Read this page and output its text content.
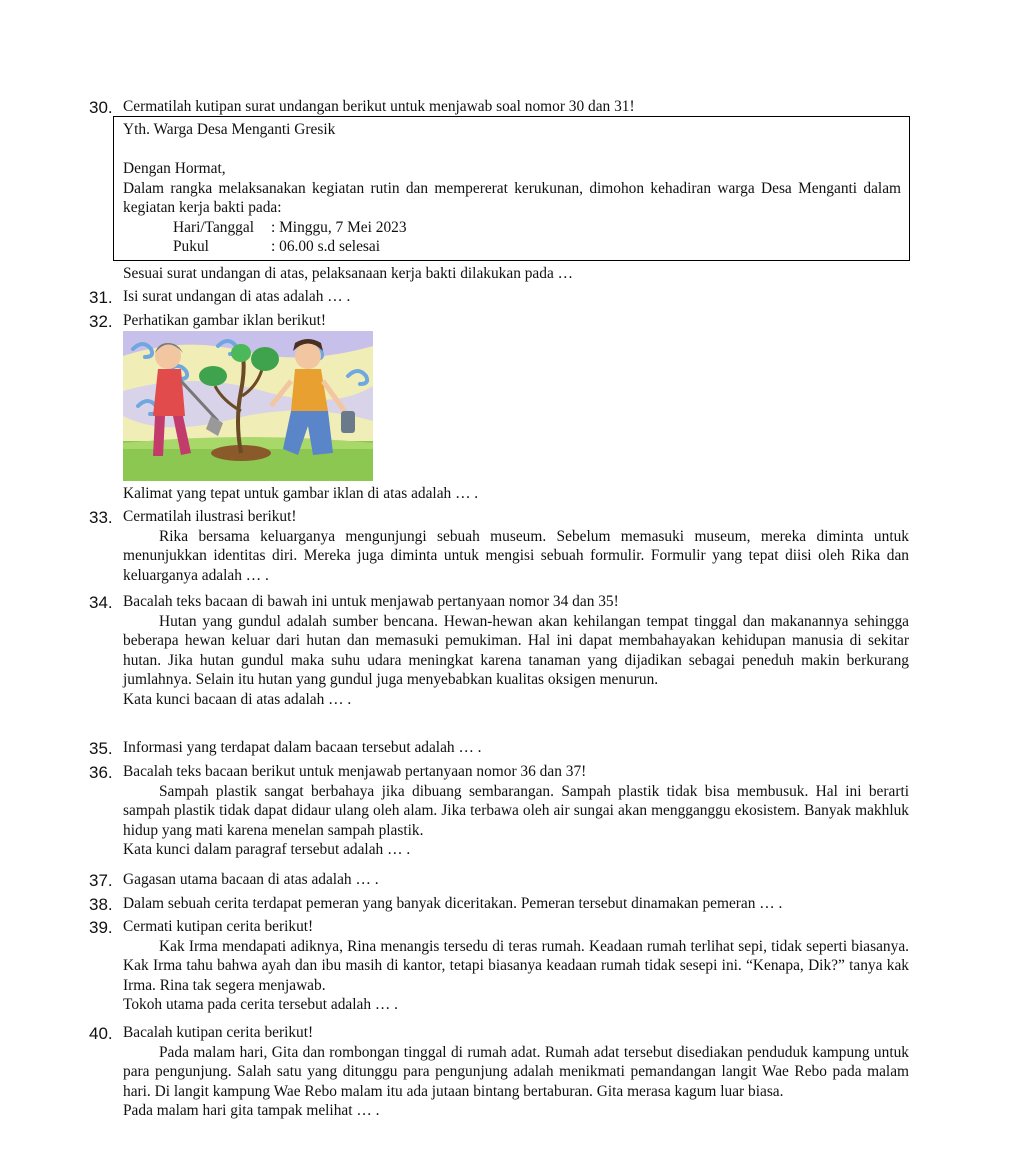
30. Cermatilah kutipan surat undangan berikut untuk menjawab soal nomor 30 dan 31!
Yth. Warga Desa Menganti Gresik
Dengan Hormat,
Dalam rangka melaksanakan kegiatan rutin dan mempererat kerukunan, dimohon kehadiran warga Desa Menganti dalam kegiatan kerja bakti pada:
Hari/Tanggal	: Minggu, 7 Mei 2023
Pukul	: 06.00 s.d selesai
Sesuai surat undangan di atas, pelaksanaan kerja bakti dilakukan pada …
31. Isi surat undangan di atas adalah … .
32. Perhatikan gambar iklan berikut!
Kalimat yang tepat untuk gambar iklan di atas adalah … .
33. Cermatilah ilustrasi berikut!
Rika bersama keluarganya mengunjungi sebuah museum. Sebelum memasuki museum, mereka diminta untuk menunjukkan identitas diri. Mereka juga diminta untuk mengisi sebuah formulir. Formulir yang tepat diisi oleh Rika dan keluarganya adalah … .
34. Bacalah teks bacaan di bawah ini untuk menjawab pertanyaan nomor 34 dan 35!
Hutan yang gundul adalah sumber bencana. Hewan-hewan akan kehilangan tempat tinggal dan makanannya sehingga beberapa hewan keluar dari hutan dan memasuki pemukiman. Hal ini dapat membahayakan kehidupan manusia di sekitar hutan. Jika hutan gundul maka suhu udara meningkat karena tanaman yang dijadikan sebagai peneduh makin berkurang jumlahnya. Selain itu hutan yang gundul juga menyebabkan kualitas oksigen menurun.
Kata kunci bacaan di atas adalah … .
35. Informasi yang terdapat dalam bacaan tersebut adalah … .
36. Bacalah teks bacaan berikut untuk menjawab pertanyaan nomor 36 dan 37!
Sampah plastik sangat berbahaya jika dibuang sembarangan. Sampah plastik tidak bisa membusuk. Hal ini berarti sampah plastik tidak dapat didaur ulang oleh alam. Jika terbawa oleh air sungai akan mengganggu ekosistem. Banyak makhluk hidup yang mati karena menelan sampah plastik.
Kata kunci dalam paragraf tersebut adalah … .
37. Gagasan utama bacaan di atas adalah … .
38. Dalam sebuah cerita terdapat pemeran yang banyak diceritakan. Pemeran tersebut dinamakan pemeran … .
39. Cermati kutipan cerita berikut!
Kak Irma mendapati adiknya, Rina menangis tersedu di teras rumah. Keadaan rumah terlihat sepi, tidak seperti biasanya. Kak Irma tahu bahwa ayah dan ibu masih di kantor, tetapi biasanya keadaan rumah tidak sesepi ini. “Kenapa, Dik?” tanya kak Irma. Rina tak segera menjawab.
Tokoh utama pada cerita tersebut adalah … .
40. Bacalah kutipan cerita berikut!
Pada malam hari, Gita dan rombongan tinggal di rumah adat. Rumah adat tersebut disediakan penduduk kampung untuk para pengunjung. Salah satu yang ditunggu para pengunjung adalah menikmati pemandangan langit Wae Rebo pada malam hari. Di langit kampung Wae Rebo malam itu ada jutaan bintang bertaburan. Gita merasa kagum luar biasa.
Pada malam hari gita tampak melihat … .
